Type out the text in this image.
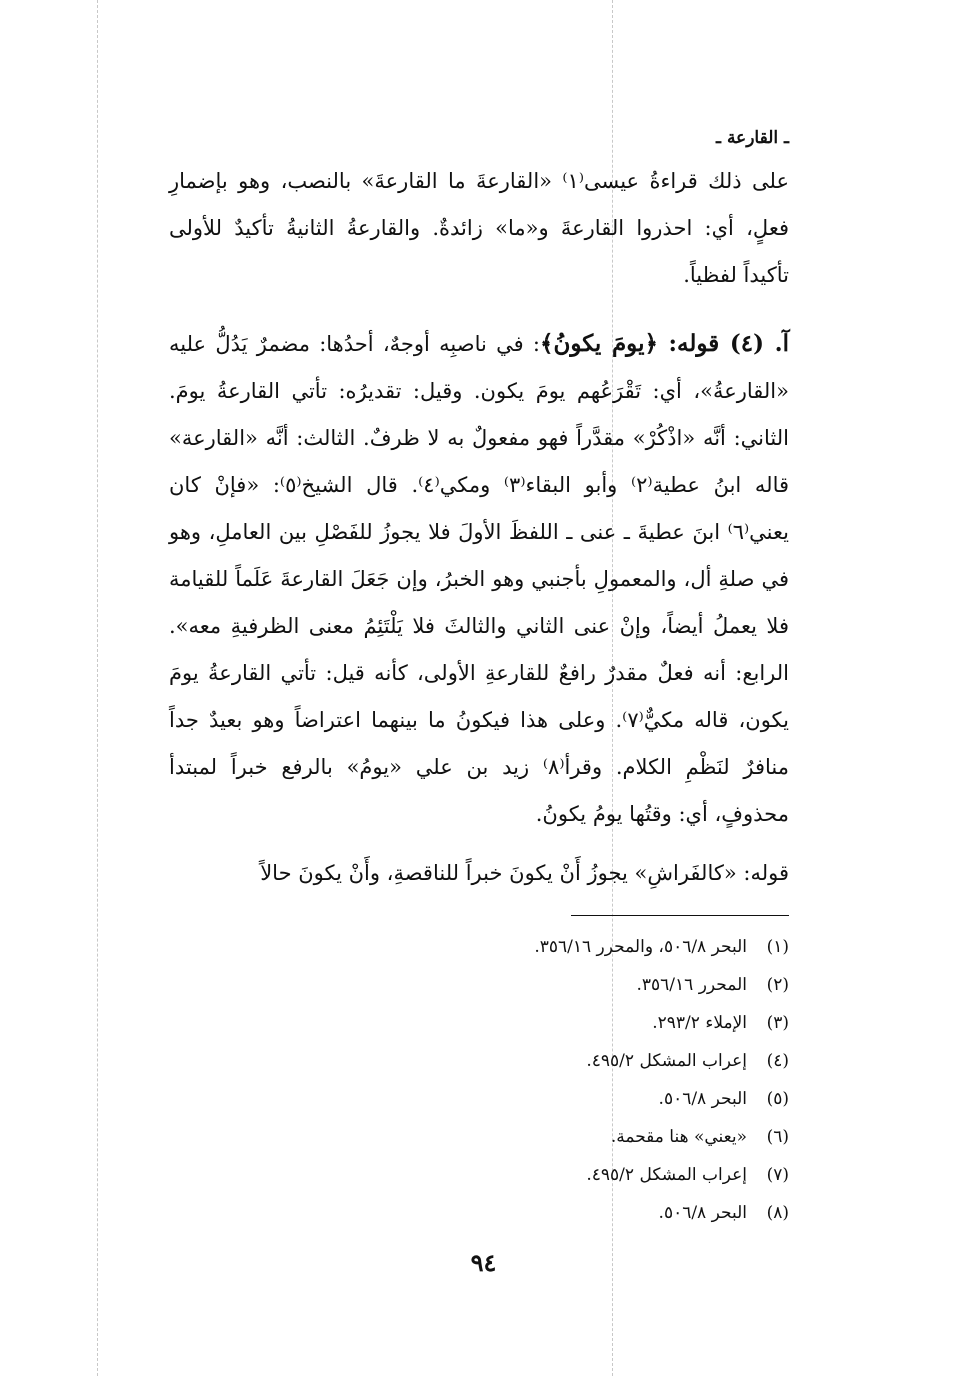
ـ القارعة ـ
على ذلك قراءةُ عيسى⁽١⁾ «القارعةَ ما القارعةَ» بالنصب، وهو بإضمارِ فعلٍ، أي: احذروا القارعةَ و«ما» زائدةٌ. والقارعةُ الثانيةُ تأكيدٌ للأولى تأكيداً لفظياً.
آ. (٤) قوله: ﴿يومَ يكونُ﴾: في ناصبِه أوجهٌ، أحدُها: مضمرٌ يَدُلُّ عليه «القارعةُ»، أي: تَقْرَعُهم يومَ يكون. وقيل: تقديرُه: تأتي القارعةُ يومَ. الثاني: أنَّه «اذْكُرْ» مقدَّراً فهو مفعولٌ به لا ظرفٌ. الثالث: أنَّه «القارعة» قاله ابنُ عطية⁽٢⁾ وأبو البقاء⁽٣⁾ ومكي⁽٤⁾. قال الشيخ⁽٥⁾: «فإنْ كان يعني⁽٦⁾ ابنَ عطيةَ ـ عنى ـ اللفظَ الأولَ فلا يجوزُ للفَصْلِ بين العاملِ، وهو في صلةِ أل، والمعمولِ بأجنبي وهو الخبرُ، وإن جَعَلَ القارعةَ عَلَماً للقيامة فلا يعملُ أيضاً، وإنْ عنى الثاني والثالثَ فلا يَلْتَئِمُ معنى الظرفيةِ معه». الرابع: أنه فعلٌ مقدرٌ رافعٌ للقارعةِ الأولى، كأنه قيل: تأتي القارعةُ يومَ يكون، قاله مكيٌّ⁽٧⁾. وعلى هذا فيكونُ ما بينهما اعتراضاً وهو بعيدٌ جداً منافرٌ لنَظْمِ الكلام. وقرأ⁽٨⁾ زيد بن علي «يومُ» بالرفع خبراً لمبتدأ محذوفٍ، أي: وقتُها يومُ يكونُ.
قوله: «كالفَراشِ» يجوزُ أَنْ يكونَ خبراً للناقصةِ، وأَنْ يكونَ حالاً
(١)البحر ٥٠٦/٨، والمحرر ٣٥٦/١٦.
(٢)المحرر ٣٥٦/١٦.
(٣)الإملاء ٢٩٣/٢.
(٤)إعراب المشكل ٤٩٥/٢.
(٥)البحر ٥٠٦/٨.
(٦)«يعني» هنا مقحمة.
(٧)إعراب المشكل ٤٩٥/٢.
(٨)البحر ٥٠٦/٨.
٩٤
